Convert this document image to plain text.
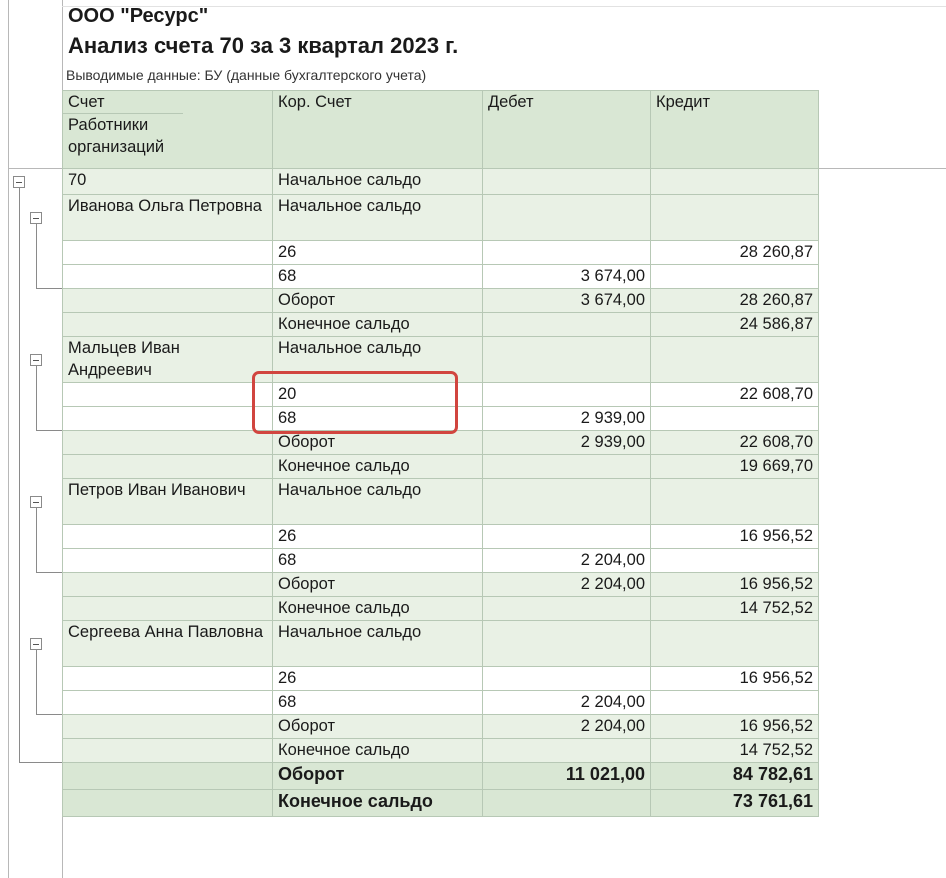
ООО "Ресурс"
Анализ счета 70 за 3 квартал 2023 г.
Выводимые данные: БУ (данные бухгалтерского учета)
Счет
Работники организаций	Кор. Счет	Дебет	Кредит
70	Начальное сальдо		
Иванова Ольга Петровна	Начальное сальдо		
	26		28 260,87
	68	3 674,00	
	Оборот	3 674,00	28 260,87
	Конечное сальдо		24 586,87
Мальцев Иван Андреевич	Начальное сальдо		
	20		22 608,70
	68	2 939,00	
	Оборот	2 939,00	22 608,70
	Конечное сальдо		19 669,70
Петров Иван Иванович	Начальное сальдо		
	26		16 956,52
	68	2 204,00	
	Оборот	2 204,00	16 956,52
	Конечное сальдо		14 752,52
Сергеева Анна Павловна	Начальное сальдо		
	26		16 956,52
	68	2 204,00	
	Оборот	2 204,00	16 956,52
	Конечное сальдо		14 752,52
	Оборот	11 021,00	84 782,61
	Конечное сальдо		73 761,61
